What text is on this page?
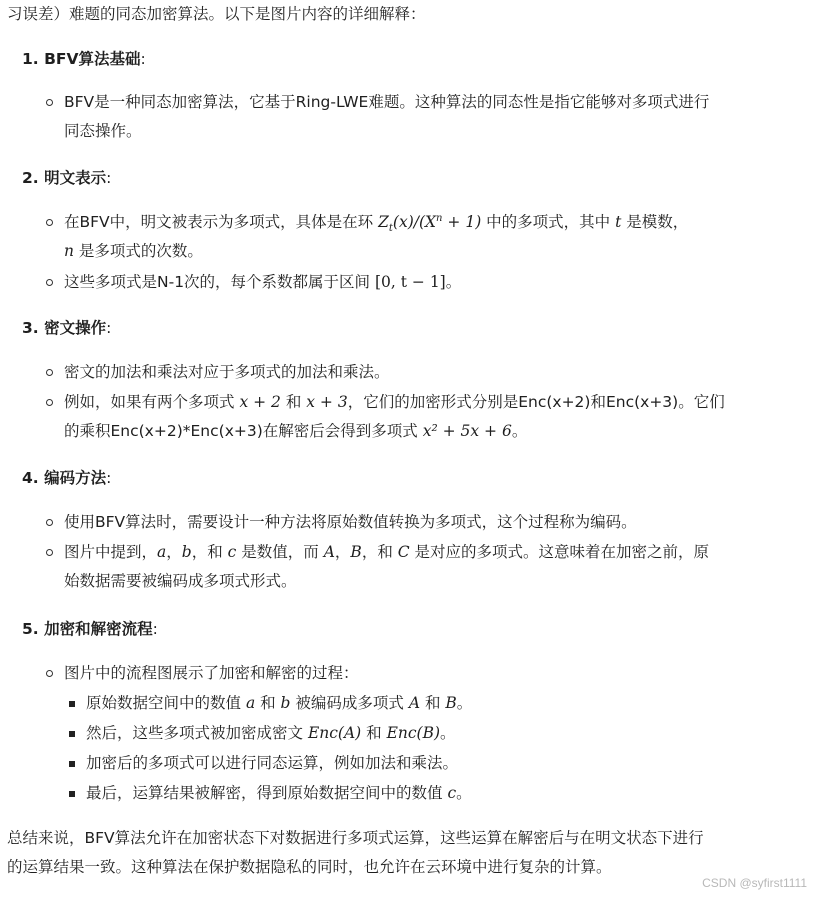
习误差）难题的同态加密算法。以下是图片内容的详细解释：
1. BFV算法基础:
BFV是一种同态加密算法，它基于Ring-LWE难题。这种算法的同态性是指它能够对多项式进行
同态操作。
2. 明文表示:
在BFV中，明文被表示为多项式，具体是在环 $Z_t(x)/(X^n + 1)$ 中的多项式，其中 t 是模数，
n 是多项式的次数。
这些多项式是N-1次的，每个系数都属于区间 [0, t − 1]。
3. 密文操作:
密文的加法和乘法对应于多项式的加法和乘法。
例如，如果有两个多项式 x + 2 和 x + 3，它们的加密形式分别是Enc(x+2)和Enc(x+3)。它们
的乘积Enc(x+2)*Enc(x+3)在解密后会得到多项式 x² + 5x + 6。
4. 编码方法:
使用BFV算法时，需要设计一种方法将原始数值转换为多项式，这个过程称为编码。
图片中提到，a，b，和 c 是数值，而 A，B，和 C 是对应的多项式。这意味着在加密之前，原
始数据需要被编码成多项式形式。
5. 加密和解密流程:
图片中的流程图展示了加密和解密的过程：
原始数据空间中的数值 a 和 b 被编码成多项式 A 和 B。
然后，这些多项式被加密成密文 Enc(A) 和 Enc(B)。
加密后的多项式可以进行同态运算，例如加法和乘法。
最后，运算结果被解密，得到原始数据空间中的数值 c。
总结来说，BFV算法允许在加密状态下对数据进行多项式运算，这些运算在解密后与在明文状态下进行
的运算结果一致。这种算法在保护数据隐私的同时，也允许在云环境中进行复杂的计算。
CSDN @syfirst1111
